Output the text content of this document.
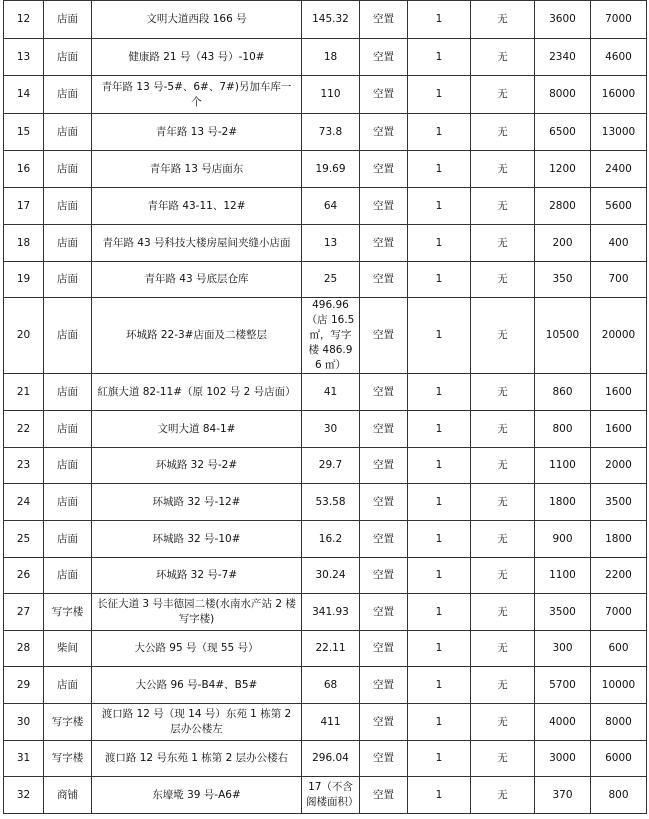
12	店面	文明大道西段 166 号	145.32	空置	1	无	3600	7000
13	店面	健康路 21 号（43 号）-10#	18	空置	1	无	2340	4600
14	店面	青年路 13 号-5#、6#、7#)另加车库一个	110	空置	1	无	8000	16000
15	店面	青年路 13 号-2#	73.8	空置	1	无	6500	13000
16	店面	青年路 13 号店面东	19.69	空置	1	无	1200	2400
17	店面	青年路 43-11、12#	64	空置	1	无	2800	5600
18	店面	青年路 43 号科技大楼房屋间夹缝小店面	13	空置	1	无	200	400
19	店面	青年路 43 号底层仓库	25	空置	1	无	350	700
20	店面	环城路 22-3#店面及二楼整层	496.96（店 16.5 ㎡，写字楼 486.96 ㎡）	空置	1	无	10500	20000
21	店面	紅旗大道 82-11#（原 102 号 2 号店面）	41	空置	1	无	860	1600
22	店面	文明大道 84-1#	30	空置	1	无	800	1600
23	店面	环城路 32 号-2#	29.7	空置	1	无	1100	2000
24	店面	环城路 32 号-12#	53.58	空置	1	无	1800	3500
25	店面	环城路 32 号-10#	16.2	空置	1	无	900	1800
26	店面	环城路 32 号-7#	30.24	空置	1	无	1100	2200
27	写字楼	长征大道 3 号丰德园二楼(水南水产站 2 楼写字楼)	341.93	空置	1	无	3500	7000
28	柴间	大公路 95 号（现 55 号）	22.11	空置	1	无	300	600
29	店面	大公路 96 号-B4#、B5#	68	空置	1	无	5700	10000
30	写字楼	渡口路 12 号（现 14 号）东苑 1 栋第 2 层办公楼左	411	空置	1	无	4000	8000
31	写字楼	渡口路 12 号东苑 1 栋第 2 层办公楼右	296.04	空置	1	无	3000	6000
32	商铺	东壕墘 39 号-A6#	17（不含阁楼面积）	空置	1	无	370	800
